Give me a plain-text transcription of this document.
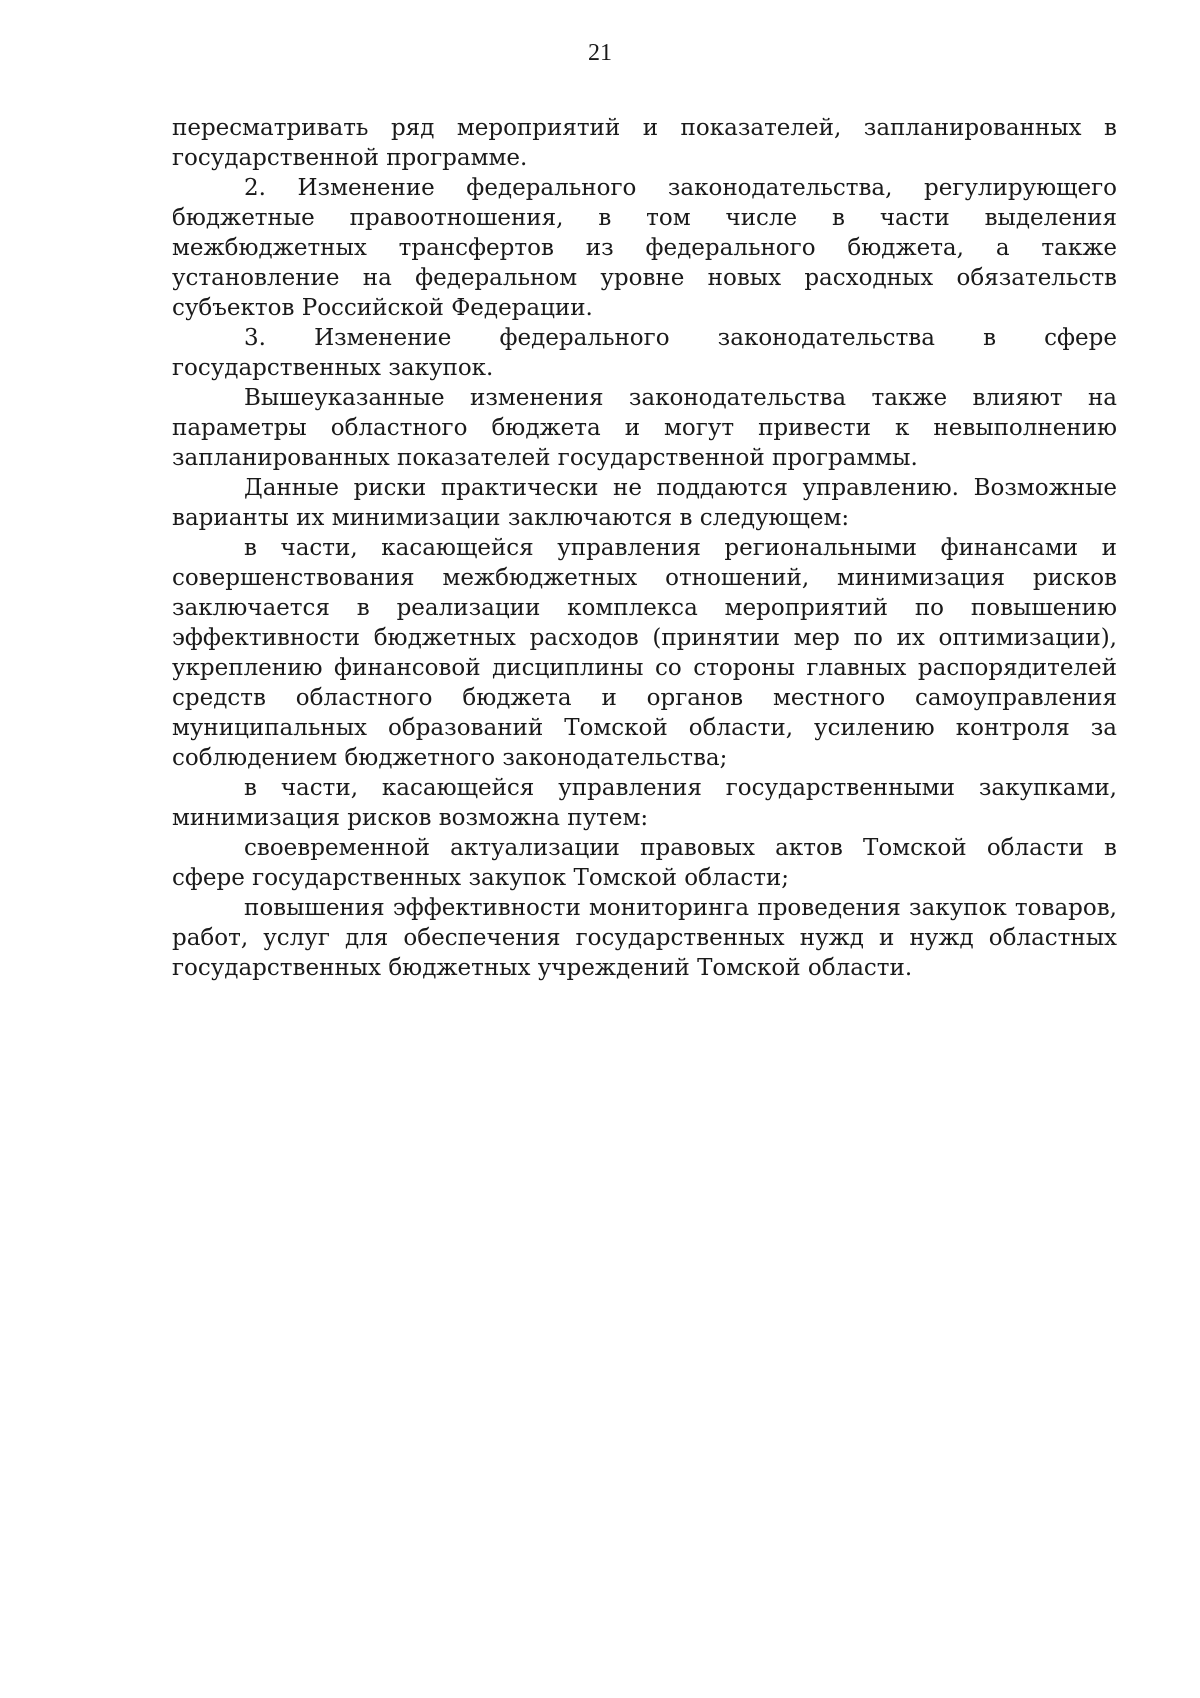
21

пересматривать ряд мероприятий и показателей, запланированных в государственной программе.

2. Изменение федерального законодательства, регулирующего бюджетные правоотношения, в том числе в части выделения межбюджетных трансфертов из федерального бюджета, а также установление на федеральном уровне новых расходных обязательств субъектов Российской Федерации.

3. Изменение федерального законодательства в сфере государственных закупок.

Вышеуказанные изменения законодательства также влияют на параметры областного бюджета и могут привести к невыполнению запланированных показателей государственной программы.

Данные риски практически не поддаются управлению. Возможные варианты их минимизации заключаются в следующем:

в части, касающейся управления региональными финансами и совершенствования межбюджетных отношений, минимизация рисков заключается в реализации комплекса мероприятий по повышению эффективности бюджетных расходов (принятии мер по их оптимизации), укреплению финансовой дисциплины со стороны главных распорядителей средств областного бюджета и органов местного самоуправления муниципальных образований Томской области, усилению контроля за соблюдением бюджетного законодательства;

в части, касающейся управления государственными закупками, минимизация рисков возможна путем:

своевременной актуализации правовых актов Томской области в сфере государственных закупок Томской области;

повышения эффективности мониторинга проведения закупок товаров, работ, услуг для обеспечения государственных нужд и нужд областных государственных бюджетных учреждений Томской области.
